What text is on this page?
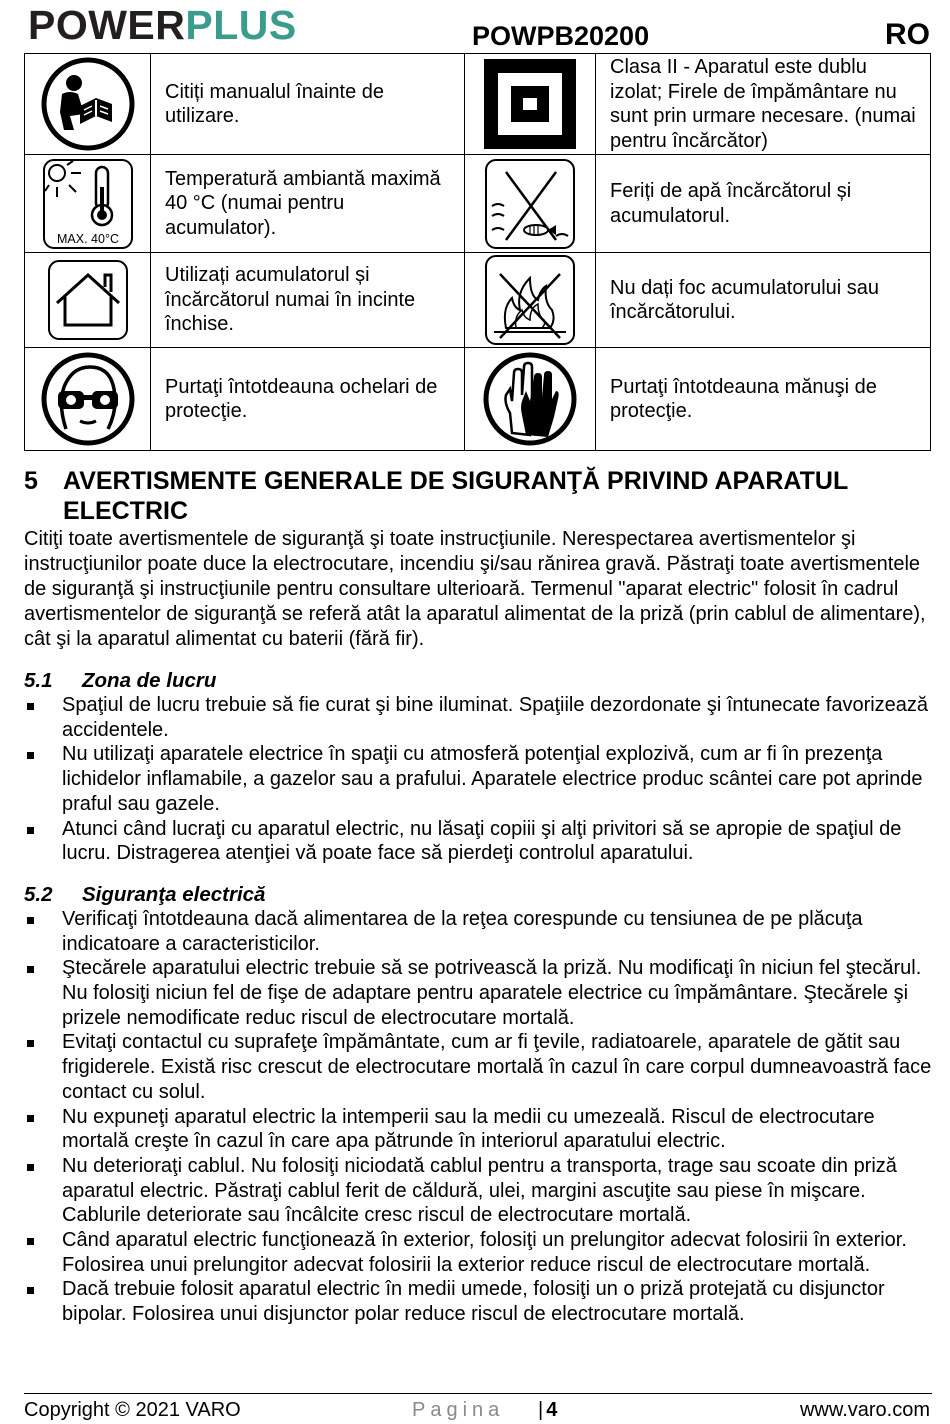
POWERPLUS	POWPB20200	RO
	Citiți manualul înainte de utilizare.		Clasa II - Aparatul este dublu izolat; Firele de împământare nu sunt prin urmare necesare. (numai pentru încărcător)

MAX. 40°C	Temperatură ambiantă maximă 40 °C (numai pentru acumulator).		Feriți de apă încărcătorul și acumulatorul.

	Utilizați acumulatorul și încărcătorul numai în incinte închise.		Nu dați foc acumulatorului sau încărcătorului.

	Purtaţi întotdeauna ochelari de protecţie.		Purtaţi întotdeauna mănuşi de protecţie.
5	AVERTISMENTE GENERALE DE SIGURANŢĂ PRIVIND APARATUL ELECTRIC

Citiţi toate avertismentele de siguranţă şi toate instrucţiunile. Nerespectarea avertismentelor şi instrucţiunilor poate duce la electrocutare, incendiu şi/sau rănirea gravă. Păstraţi toate avertismentele de siguranţă şi instrucţiunile pentru consultare ulterioară. Termenul "aparat electric" folosit în cadrul avertismentelor de siguranţă se referă atât la aparatul alimentat de la priză (prin cablul de alimentare), cât şi la aparatul alimentat cu baterii (fără fir).

5.1	Zona de lucru
Spaţiul de lucru trebuie să fie curat şi bine iluminat. Spaţiile dezordonate şi întunecate favorizează accidentele.
Nu utilizaţi aparatele electrice în spaţii cu atmosferă potenţial explozivă, cum ar fi în prezenţa lichidelor inflamabile, a gazelor sau a prafului. Aparatele electrice produc scântei care pot aprinde praful sau gazele.
Atunci când lucraţi cu aparatul electric, nu lăsaţi copiii şi alţi privitori să se apropie de spaţiul de lucru. Distragerea atenţiei vă poate face să pierdeţi controlul aparatului.
5.2	Siguranţa electrică
Verificaţi întotdeauna dacă alimentarea de la reţea corespunde cu tensiunea de pe plăcuţa indicatoare a caracteristicilor.
Ştecărele aparatului electric trebuie să se potrivească la priză. Nu modificaţi în niciun fel ştecărul. Nu folosiţi niciun fel de fişe de adaptare pentru aparatele electrice cu împământare. Ştecărele şi prizele nemodificate reduc riscul de electrocutare mortală.
Evitaţi contactul cu suprafeţe împământate, cum ar fi ţevile, radiatoarele, aparatele de gătit sau frigiderele. Există risc crescut de electrocutare mortală în cazul în care corpul dumneavoastră face contact cu solul.
Nu expuneţi aparatul electric la intemperii sau la medii cu umezeală. Riscul de electrocutare mortală creşte în cazul în care apa pătrunde în interiorul aparatului electric.
Nu deterioraţi cablul. Nu folosiţi niciodată cablul pentru a transporta, trage sau scoate din priză aparatul electric. Păstraţi cablul ferit de căldură, ulei, margini ascuţite sau piese în mişcare. Cablurile deteriorate sau încâlcite cresc riscul de electrocutare mortală.
Când aparatul electric funcţionează în exterior, folosiţi un prelungitor adecvat folosirii în exterior. Folosirea unui prelungitor adecvat folosirii la exterior reduce riscul de electrocutare mortală.
Dacă trebuie folosit aparatul electric în medii umede, folosiţi un o priză protejată cu disjunctor bipolar. Folosirea unui disjunctor polar reduce riscul de electrocutare mortală.
Copyright © 2021 VARO	Pagina | 4	www.varo.com
